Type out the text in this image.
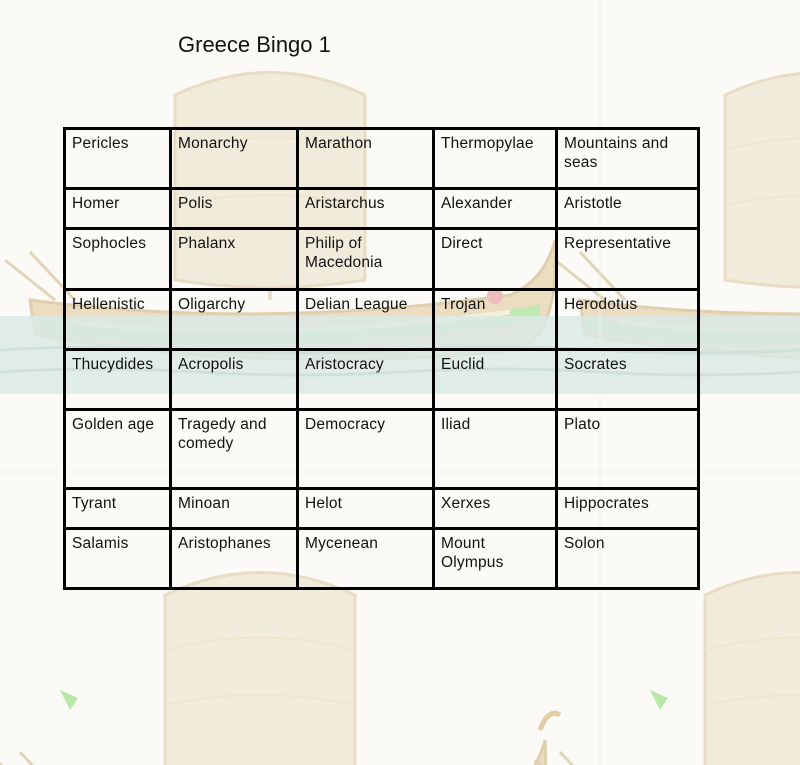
Greece Bingo 1
Pericles	Monarchy	Marathon	Thermopylae	Mountains and seas
Homer	Polis	Aristarchus	Alexander	Aristotle
Sophocles	Phalanx	Philip of Macedonia	Direct	Representative
Hellenistic	Oligarchy	Delian League	Trojan	Herodotus
Thucydides	Acropolis	Aristocracy	Euclid	Socrates
Golden age	Tragedy and comedy	Democracy	Iliad	Plato
Tyrant	Minoan	Helot	Xerxes	Hippocrates
Salamis	Aristophanes	Mycenean	Mount Olympus	Solon
